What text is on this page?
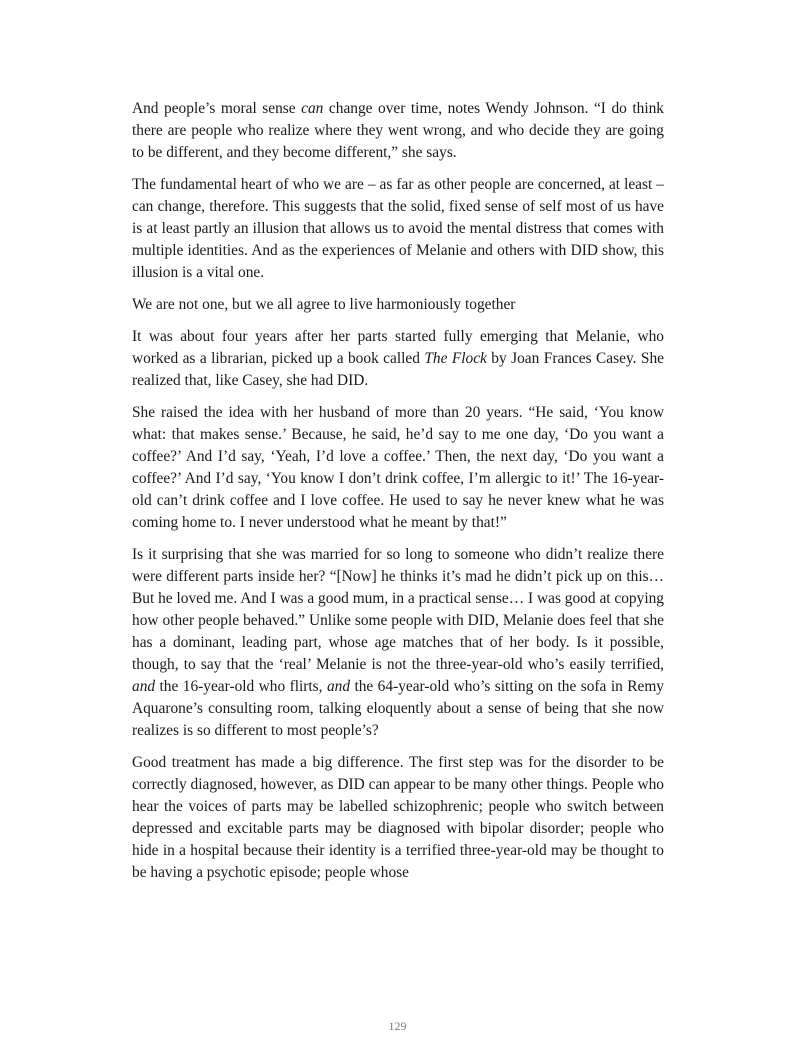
And people’s moral sense can change over time, notes Wendy Johnson. “I do think there are people who realize where they went wrong, and who decide they are going to be different, and they become different,” she says.

The fundamental heart of who we are – as far as other people are concerned, at least – can change, therefore. This suggests that the solid, fixed sense of self most of us have is at least partly an illusion that allows us to avoid the mental distress that comes with multiple identities. And as the experiences of Melanie and others with DID show, this illusion is a vital one.

We are not one, but we all agree to live harmoniously together

It was about four years after her parts started fully emerging that Melanie, who worked as a librarian, picked up a book called The Flock by Joan Frances Casey. She realized that, like Casey, she had DID.

She raised the idea with her husband of more than 20 years. “He said, ‘You know what: that makes sense.’ Because, he said, he’d say to me one day, ‘Do you want a coffee?’ And I’d say, ‘Yeah, I’d love a coffee.’ Then, the next day, ‘Do you want a coffee?’ And I’d say, ‘You know I don’t drink coffee, I’m allergic to it!’ The 16-year-old can’t drink coffee and I love coffee. He used to say he never knew what he was coming home to. I never understood what he meant by that!”

Is it surprising that she was married for so long to someone who didn’t realize there were different parts inside her? “[Now] he thinks it’s mad he didn’t pick up on this… But he loved me. And I was a good mum, in a practical sense… I was good at copying how other people behaved.” Unlike some people with DID, Melanie does feel that she has a dominant, leading part, whose age matches that of her body. Is it possible, though, to say that the ‘real’ Melanie is not the three-year-old who’s easily terrified, and the 16-year-old who flirts, and the 64-year-old who’s sitting on the sofa in Remy Aquarone’s consulting room, talking eloquently about a sense of being that she now realizes is so different to most people’s?

Good treatment has made a big difference. The first step was for the disorder to be correctly diagnosed, however, as DID can appear to be many other things. People who hear the voices of parts may be labelled schizophrenic; people who switch between depressed and excitable parts may be diagnosed with bipolar disorder; people who hide in a hospital because their identity is a terrified three-year-old may be thought to be having a psychotic episode; people whose

129
